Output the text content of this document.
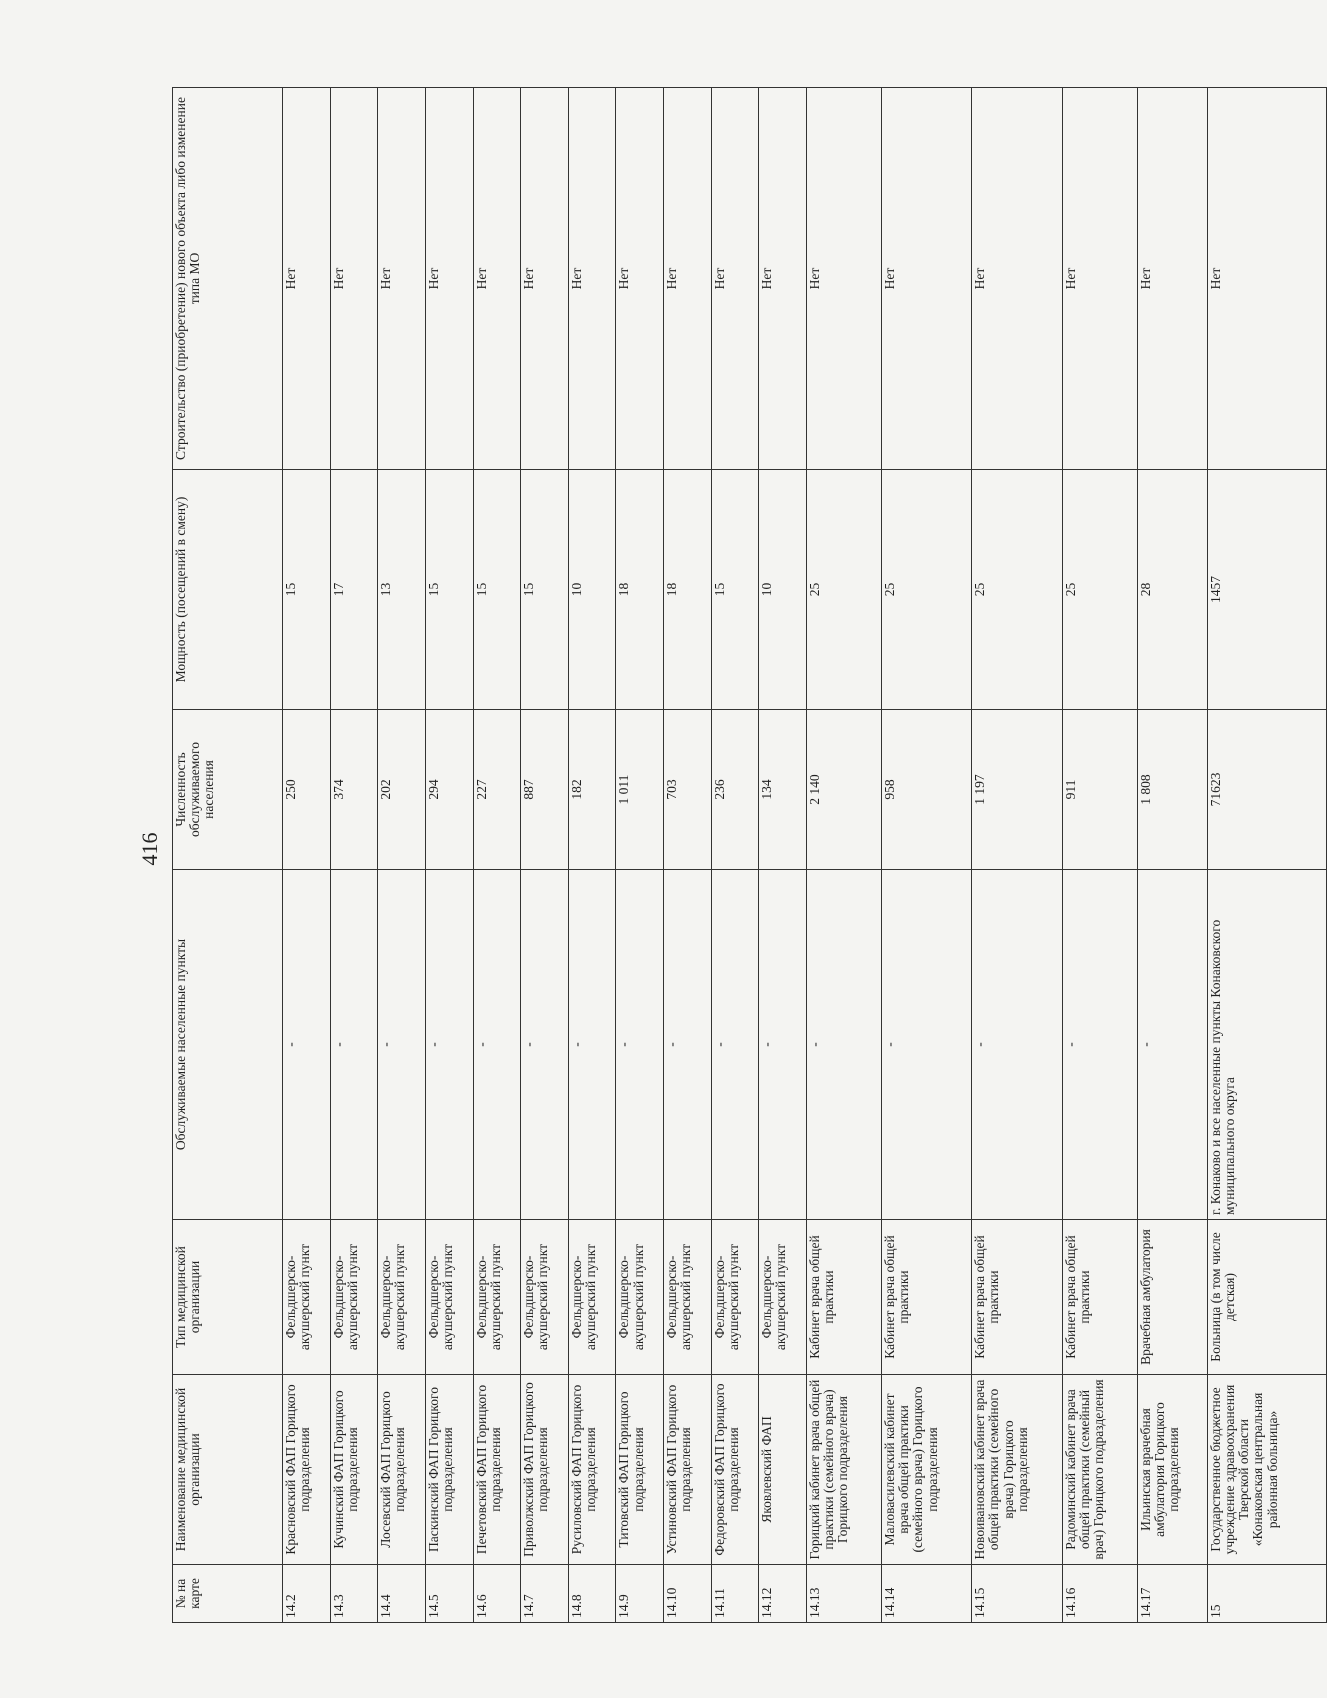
416
№ на карте	Наименование медицинской организации	Тип медицинской организации	Обслуживаемые населенные пункты	Численность обслуживаемого населения	Мощность (посещений в смену)	Строительство (приобретение) нового объекта либо изменение типа МО
14.2	Красновский ФАП Горицкого подразделения	Фельдшерско-акушерский пункт	-	250	15	Нет
14.3	Кучинский ФАП Горицкого подразделения	Фельдшерско-акушерский пункт	-	374	17	Нет
14.4	Лосевский ФАП Горицкого подразделения	Фельдшерско-акушерский пункт	-	202	13	Нет
14.5	Паскинский ФАП Горицкого подразделения	Фельдшерско-акушерский пункт	-	294	15	Нет
14.6	Печетовский ФАП Горицкого подразделения	Фельдшерско-акушерский пункт	-	227	15	Нет
14.7	Приволжский ФАП Горицкого подразделения	Фельдшерско-акушерский пункт	-	887	15	Нет
14.8	Русиловский ФАП Горицкого подразделения	Фельдшерско-акушерский пункт	-	182	10	Нет
14.9	Титовский ФАП Горицкого подразделения	Фельдшерско-акушерский пункт	-	1 011	18	Нет
14.10	Устиновский ФАП Горицкого подразделения	Фельдшерско-акушерский пункт	-	703	18	Нет
14.11	Федоровский ФАП Горицкого подразделения	Фельдшерско-акушерский пункт	-	236	15	Нет
14.12	Яковлевский ФАП	Фельдшерско-акушерский пункт	-	134	10	Нет
14.13	Горицкий кабинет врача общей практики (семейного врача) Горицкого подразделения	Кабинет врача общей практики	-	2 140	25	Нет
14.14	Маловасилевский кабинет врача общей практики (семейного врача) Горицкого подразделения	Кабинет врача общей практики	-	958	25	Нет
14.15	Новоивановский кабинет врача общей практики (семейного врача) Горицкого подразделения	Кабинет врача общей практики	-	1 197	25	Нет
14.16	Радоминский кабинет врача общей практики (семейный врач) Горицкого подразделения	Кабинет врача общей практики	-	911	25	Нет
14.17	Ильинская врачебная амбулатория Горицкого подразделения	Врачебная амбулатория	-	1 808	28	Нет
15	Государственное бюджетное учреждение здравоохранения Тверской области «Конаковская центральная районная больница»	Больница (в том числе детская)	г. Конаково и все населенные пункты Конаковского муниципального округа	71623	1457	Нет
